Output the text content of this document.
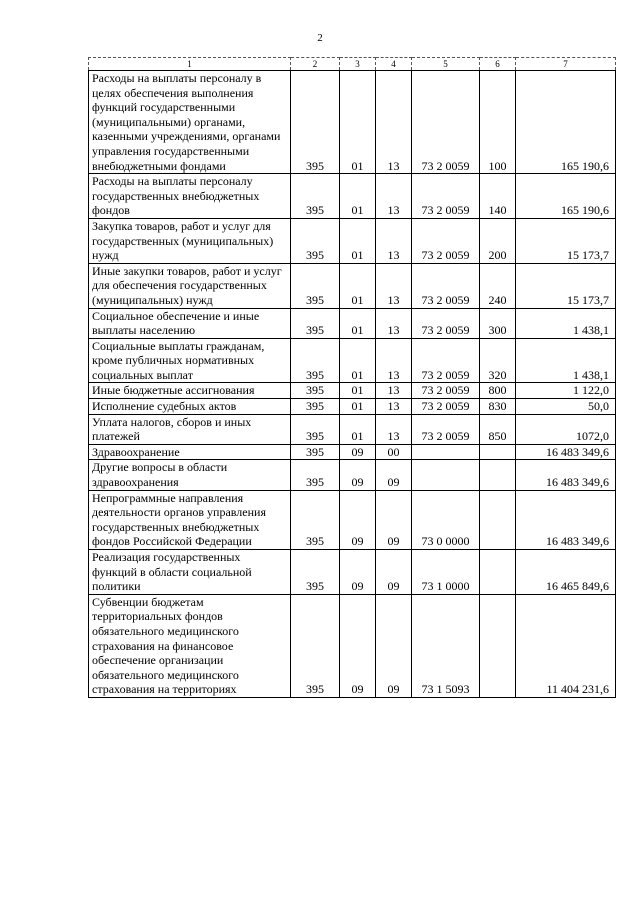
2
1	2	3	4	5	6	7
Расходы на выплаты персоналу в целях обеспечения выполнения функций государственными (муниципальными) органами, казенными учреждениями, органами управления государственными внебюджетными фондами	395	01	13	73 2 0059	100	165 190,6
Расходы на выплаты персоналу государственных внебюджетных фондов	395	01	13	73 2 0059	140	165 190,6
Закупка товаров, работ и услуг для государственных (муниципальных) нужд	395	01	13	73 2 0059	200	15 173,7
Иные закупки товаров, работ и услуг для обеспечения государственных (муниципальных) нужд	395	01	13	73 2 0059	240	15 173,7
Социальное обеспечение и иные выплаты населению	395	01	13	73 2 0059	300	1 438,1
Социальные выплаты гражданам, кроме публичных нормативных социальных выплат	395	01	13	73 2 0059	320	1 438,1
Иные бюджетные ассигнования	395	01	13	73 2 0059	800	1 122,0
Исполнение судебных актов	395	01	13	73 2 0059	830	50,0
Уплата налогов, сборов и иных платежей	395	01	13	73 2 0059	850	1072,0
Здравоохранение	395	09	00			16 483 349,6
Другие вопросы в области здравоохранения	395	09	09			16 483 349,6
Непрограммные направления деятельности органов управления государственных внебюджетных фондов Российской Федерации	395	09	09	73 0 0000		16 483 349,6
Реализация государственных функций в области социальной политики	395	09	09	73 1 0000		16 465 849,6
Субвенции бюджетам территориальных фондов обязательного медицинского страхования на финансовое обеспечение организации обязательного медицинского страхования на территориях	395	09	09	73 1 5093		11 404 231,6
